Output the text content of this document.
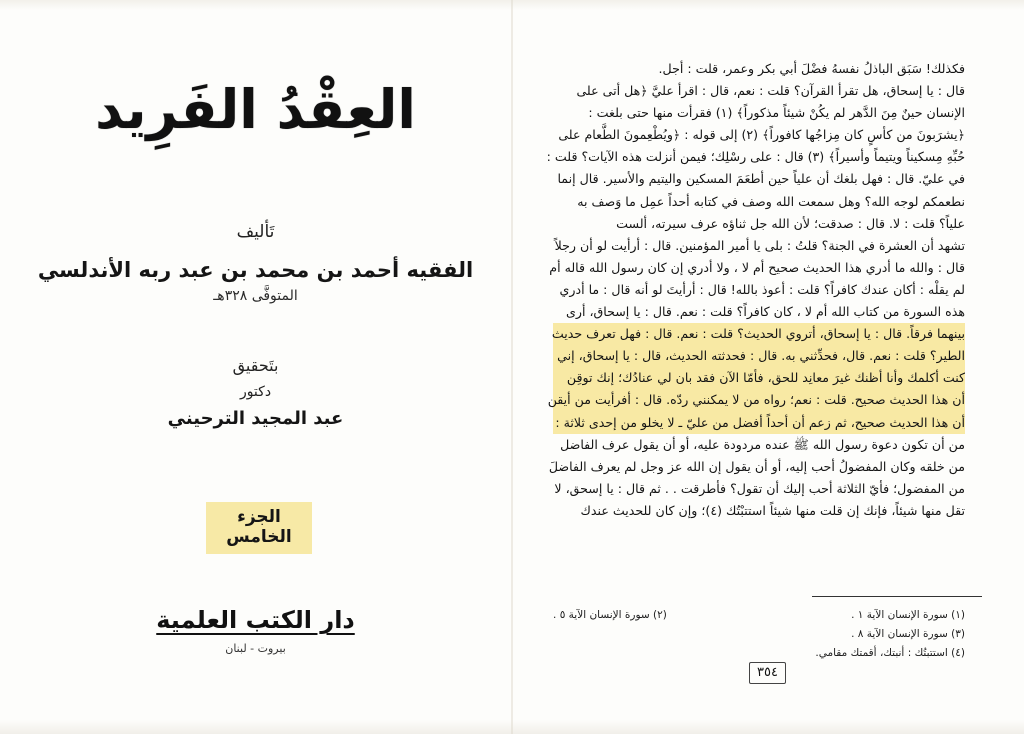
العِقْدُ الفَرِيد
تَأليف
الفقيه أحمد بن محمد بن عبد ربه الأندلسي
المتوفَّى ٣٢٨هـ
بتَحقيق
دكتور
عبد المجيد الترحيني
الجزء الخامس
دار الكتب العلمية
بيروت - لبنان

فكذلك! سَبَق الباذلُ نفسهُ فضْلَ أبي بكر وعمر، قلت : أجل.
قال : يا إسحاق، هل تقرأ القرآن؟ قلت : نعم، قال : اقرأ عليَّ ﴿هل أتى على
الإنسان حينٌ مِنَ الدَّهر لم يكُنْ شيئاً مذكوراً﴾ (١) فقرأت منها حتى بلغت :
﴿يشرَبونَ من كأسٍ كان مِزاجُها كافوراً﴾ (٢) إلى قوله : ﴿ويُطْعِمونَ الطَّعام على
حُبِّهِ مِسكيناً ويتيماً وأسيراً﴾ (٣) قال : على رسْلِك؛ فيمن أنزلت هذه الآيات؟ قلت :
في عليّ. قال : فهل بلغك أن علياً حين أطعَمَ المسكين واليتيم والأسير. قال إنما
نطعمكم لوجه الله؟ وهل سمعت الله وصف في كتابه أحداً عمِل ما وَصف به
علياً؟ قلت : لا. قال : صدقت؛ لأن الله جل ثناؤه عرف سيرته، ألست
تشهد أن العشرة في الجنة؟ قلتُ : بلى يا أمير المؤمنين. قال : أرأيت لو أن رجلاً
قال : والله ما أدري هذا الحديث صحيح أم لا ، ولا أدري إن كان رسول الله قاله أم
لم يقلْه : أكان عندك كافراً؟ قلت : أعوذ بالله! قال : أرأيتَ لو أنه قال : ما أدري
هذه السورة من كتاب الله أم لا ، كان كافراً؟ قلت : نعم. قال : يا إسحاق، أرى
بينهما فرقاً. قال : يا إسحاق، أتروي الحديث؟ قلت : نعم. قال : فهل تعرف حديث
الطير؟ قلت : نعم. قال، فحدِّثني به. قال : فحدثته الحديث، قال : يا إسحاق، إني
كنت أكلمك وأنا أظنك غيرَ معانِد للحق، فأمّا الآن فقد بان لي عنادُك؛ إنك توقِن
أن هذا الحديث صحيح. قلت : نعم؛ رواه من لا يمكنني ردّه. قال : أفرأيت من أيقن
أن هذا الحديث صحيح، ثم زعم أن أحداً أفضل من عليّ ـ لا يخلو من إحدى ثلاثة :
من أن تكون دعوة رسول الله ﷺ عنده مردودة عليه، أو أن يقول عرف الفاضل
من خلقه وكان المفضولُ أحب إليه، أو أن يقول إن الله عز وجل لم يعرف الفاضلَ
من المفضول؛ فأيّ الثلاثة أحب إليك أن تقول؟ فأطرقت . . ثم قال : يا إسحق، لا
تقل منها شيئاً، فإنك إن قلت منها شيئاً استتبْتُك (٤)؛ وإن كان للحديث عندك

(١) سورة الإنسان الآية ١ .
(٢) سورة الإنسان الآية ٥ .
(٣) سورة الإنسان الآية ٨ .
(٤) استتبتُك : أنبتك، أقمتك مقامي.
٣٥٤
